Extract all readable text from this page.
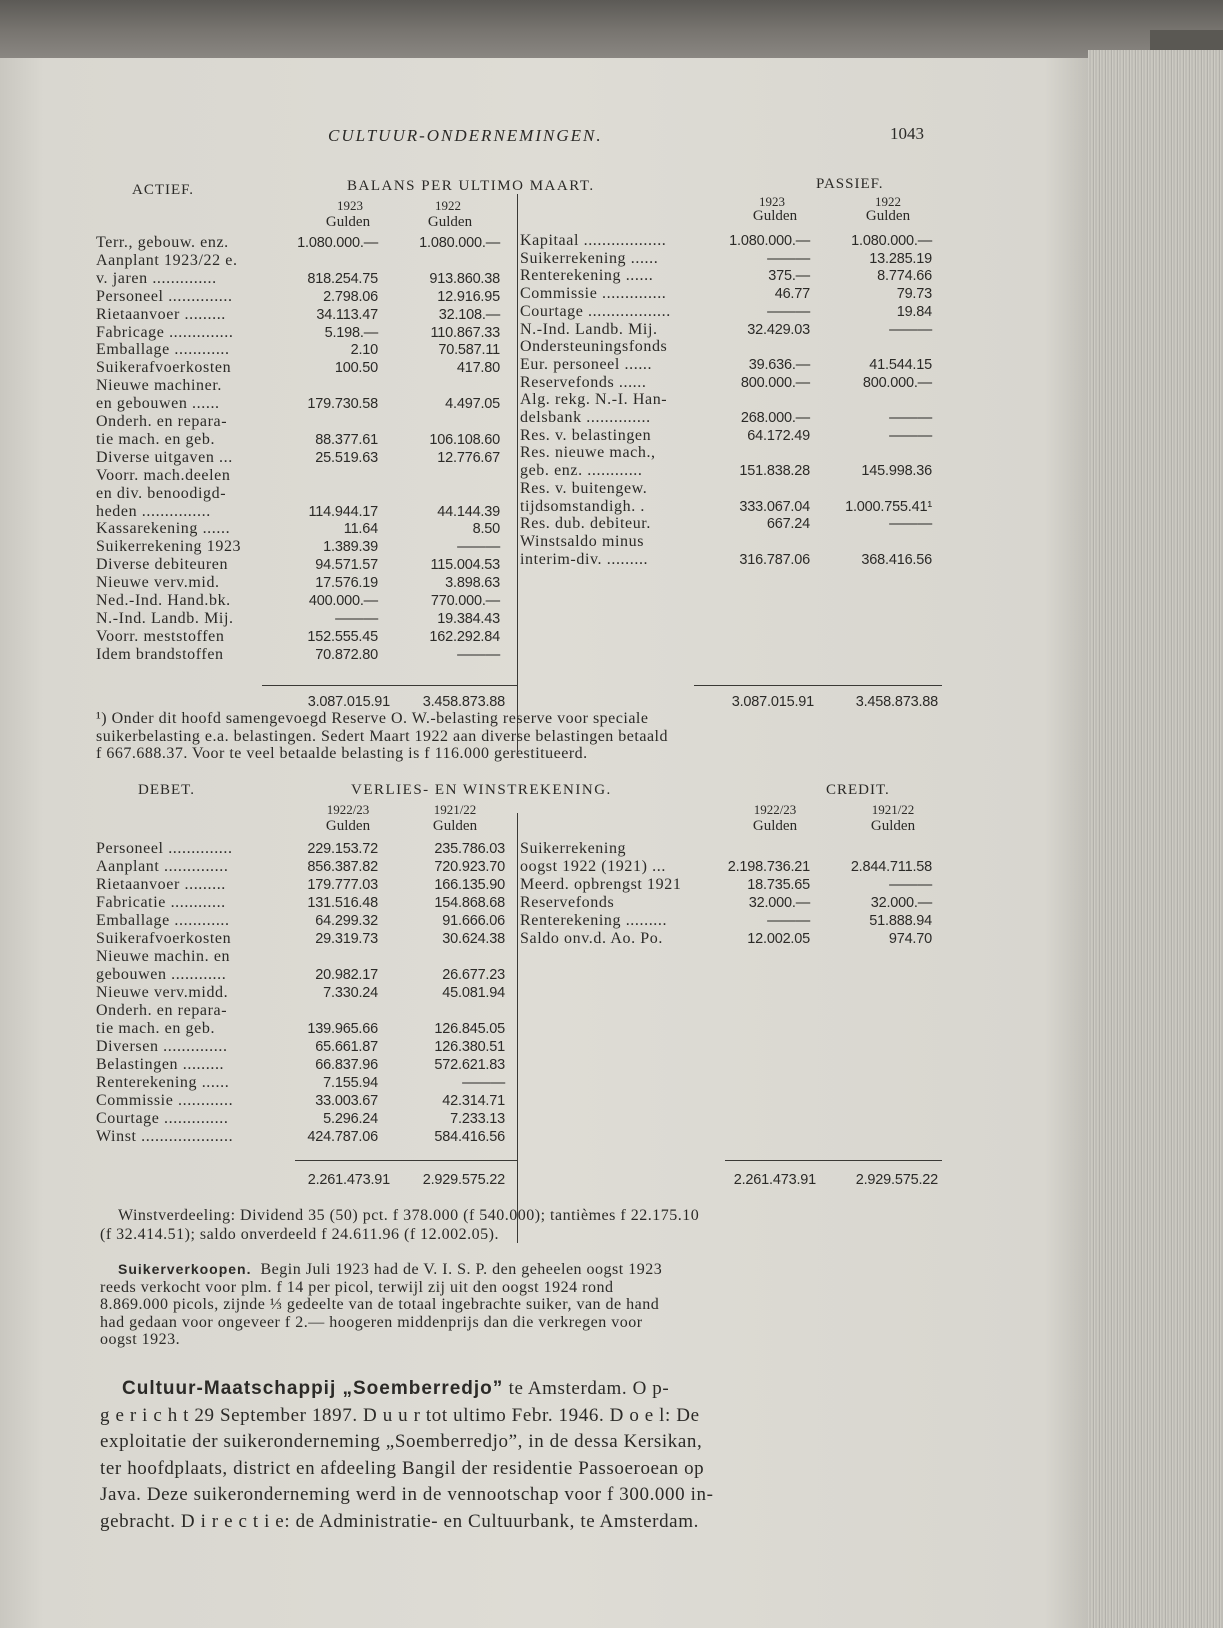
CULTUUR-ONDERNEMINGEN.	1043
ACTIEF.	BALANS PER ULTIMO MAART.	PASSIEF.
1923	1922
Gulden	Gulden
1923	1922
Gulden	Gulden
Terr., gebouw. enz.	1.080.000.—	1.080.000.—
Aanplant 1923/22 e.
v. jaren ..............	818.254.75	913.860.38
Personeel ..............	2.798.06	12.916.95
Rietaanvoer .........	34.113.47	32.108.—
Fabricage ..............	5.198.—	110.867.33
Emballage ............	2.10	70.587.11
Suikerafvoerkosten	100.50	417.80
Nieuwe machiner.
en gebouwen ......	179.730.58	4.497.05
Onderh. en repara-
tie mach. en geb.	88.377.61	106.108.60
Diverse uitgaven ...	25.519.63	12.776.67
Voorr. mach.deelen
en div. benoodigd-
heden ...............	114.944.17	44.144.39
Kassarekening ......	11.64	8.50
Suikerrekening 1923	1.389.39	———
Diverse debiteuren	94.571.57	115.004.53
Nieuwe verv.mid.	17.576.19	3.898.63
Ned.-Ind. Hand.bk.	400.000.—	770.000.—
N.-Ind. Landb. Mij.	———	19.384.43
Voorr. meststoffen	152.555.45	162.292.84
Idem brandstoffen	70.872.80	———
Kapitaal ..................	1.080.000.—	1.080.000.—
Suikerrekening ......	———	13.285.19
Renterekening ......	375.—	8.774.66
Commissie ..............	46.77	79.73
Courtage ..................	———	19.84
N.-Ind. Landb. Mij.	32.429.03	———
Ondersteuningsfonds
Eur. personeel ......	39.636.—	41.544.15
Reservefonds ......	800.000.—	800.000.—
Alg. rekg. N.-I. Han-
delsbank ..............	268.000.—	———
Res. v. belastingen	64.172.49	———
Res. nieuwe mach.,
geb. enz. ............	151.838.28	145.998.36
Res. v. buitengew.
tijdsomstandigh. .	333.067.04	1.000.755.41¹
Res. dub. debiteur.	667.24	———
Winstsaldo minus
interim-div. .........	316.787.06	368.416.56
3.087.015.91	3.458.873.88	3.087.015.91	3.458.873.88
¹) Onder dit hoofd samengevoegd Reserve O. W.-belasting reserve voor speciale
suikerbelasting e.a. belastingen. Sedert Maart 1922 aan diverse belastingen betaald
f 667.688.37. Voor te veel betaalde belasting is f 116.000 gerestitueerd.
DEBET.	VERLIES- EN WINSTREKENING.	CREDIT.
1922/23	1921/22
Gulden	Gulden
1922/23	1921/22
Gulden	Gulden
Personeel ..............	229.153.72	235.786.03
Aanplant ..............	856.387.82	720.923.70
Rietaanvoer .........	179.777.03	166.135.90
Fabricatie ............	131.516.48	154.868.68
Emballage ............	64.299.32	91.666.06
Suikerafvoerkosten	29.319.73	30.624.38
Nieuwe machin. en
gebouwen ............	20.982.17	26.677.23
Nieuwe verv.midd.	7.330.24	45.081.94
Onderh. en repara-
tie mach. en geb.	139.965.66	126.845.05
Diversen ..............	65.661.87	126.380.51
Belastingen .........	66.837.96	572.621.83
Renterekening ......	7.155.94	———
Commissie ............	33.003.67	42.314.71
Courtage ..............	5.296.24	7.233.13
Winst ....................	424.787.06	584.416.56
Suikerrekening
oogst 1922 (1921) ...	2.198.736.21	2.844.711.58
Meerd. opbrengst 1921	18.735.65	———
Reservefonds	32.000.—	32.000.—
Renterekening .........	———	51.888.94
Saldo onv.d. Ao. Po.	12.002.05	974.70
2.261.473.91	2.929.575.22	2.261.473.91	2.929.575.22
Winstverdeeling: Dividend 35 (50) pct. f 378.000 (f 540.000); tantièmes f 22.175.10
(f 32.414.51); saldo onverdeeld f 24.611.96 (f 12.002.05).
Suikerverkoopen. Begin Juli 1923 had de V. I. S. P. den geheelen oogst 1923
reeds verkocht voor plm. f 14 per picol, terwijl zij uit den oogst 1924 rond
8.869.000 picols, zijnde ⅓ gedeelte van de totaal ingebrachte suiker, van de hand
had gedaan voor ongeveer f 2.— hoogeren middenprijs dan die verkregen voor
oogst 1923.
Cultuur-Maatschappij „Soemberredjo” te Amsterdam. O p-
g e r i c h t 29 September 1897. D u u r tot ultimo Febr. 1946. D o e l: De
exploitatie der suikeronderneming „Soemberredjo”, in de dessa Kersikan,
ter hoofdplaats, district en afdeeling Bangil der residentie Passoeroean op
Java. Deze suikeronderneming werd in de vennootschap voor f 300.000 in-
gebracht. D i r e c t i e: de Administratie- en Cultuurbank, te Amsterdam.
